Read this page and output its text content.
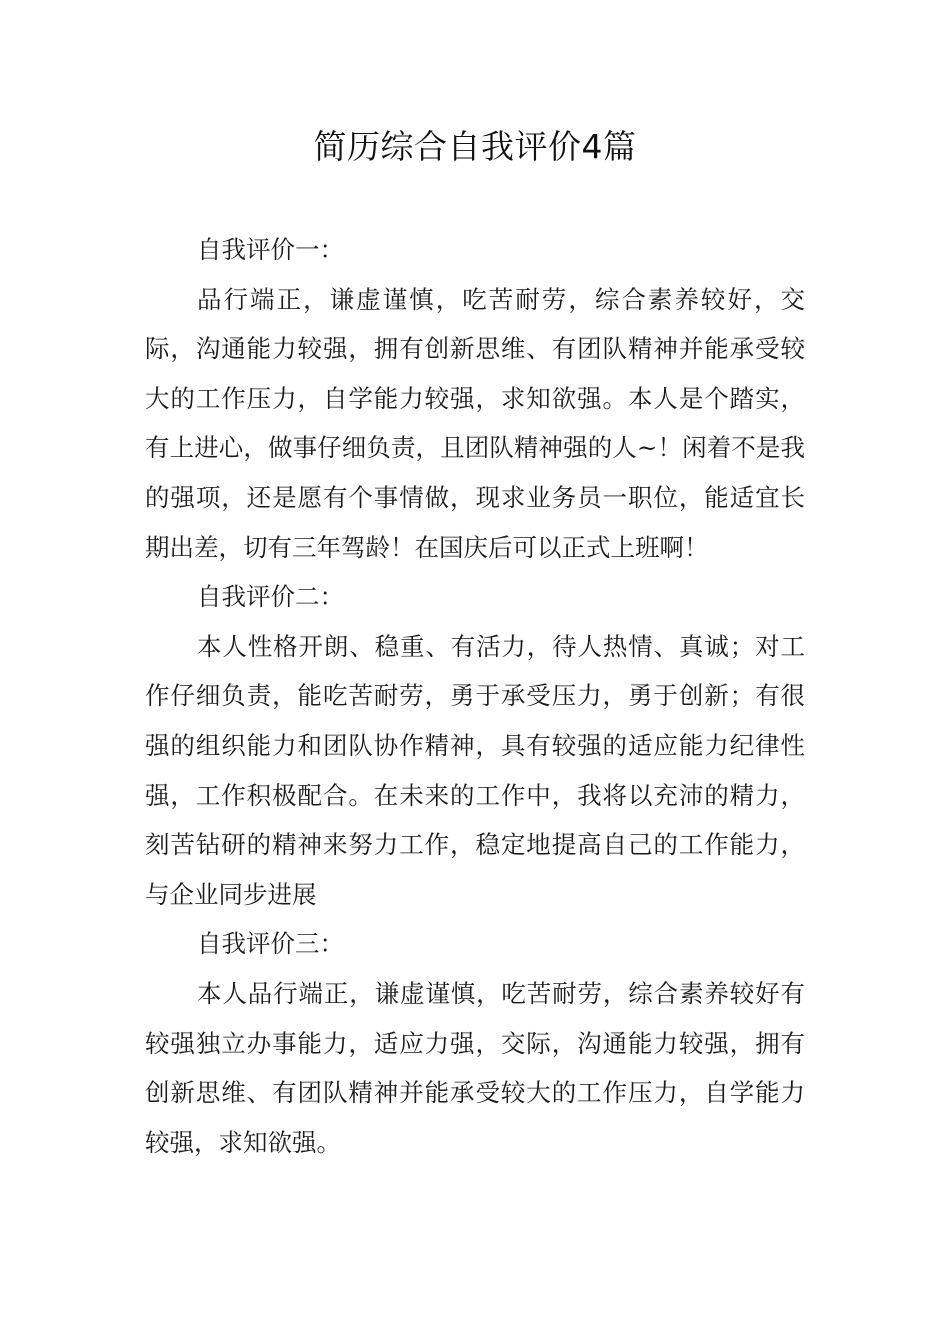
简历综合自我评价4篇

自我评价一：

品行端正，谦虚谨慎，吃苦耐劳，综合素养较好，交际，沟通能力较强，拥有创新思维、有团队精神并能承受较大的工作压力，自学能力较强，求知欲强。本人是个踏实，有上进心，做事仔细负责，且团队精神强的人~！闲着不是我的强项，还是愿有个事情做，现求业务员一职位，能适宜长期出差，切有三年驾龄！在国庆后可以正式上班啊！

自我评价二：

本人性格开朗、稳重、有活力，待人热情、真诚；对工作仔细负责，能吃苦耐劳，勇于承受压力，勇于创新；有很强的组织能力和团队协作精神，具有较强的适应能力纪律性强，工作积极配合。在未来的工作中，我将以充沛的精力，刻苦钻研的精神来努力工作，稳定地提高自己的工作能力，与企业同步进展

自我评价三：

本人品行端正，谦虚谨慎，吃苦耐劳，综合素养较好有较强独立办事能力，适应力强，交际，沟通能力较强，拥有创新思维、有团队精神并能承受较大的工作压力，自学能力较强，求知欲强。
